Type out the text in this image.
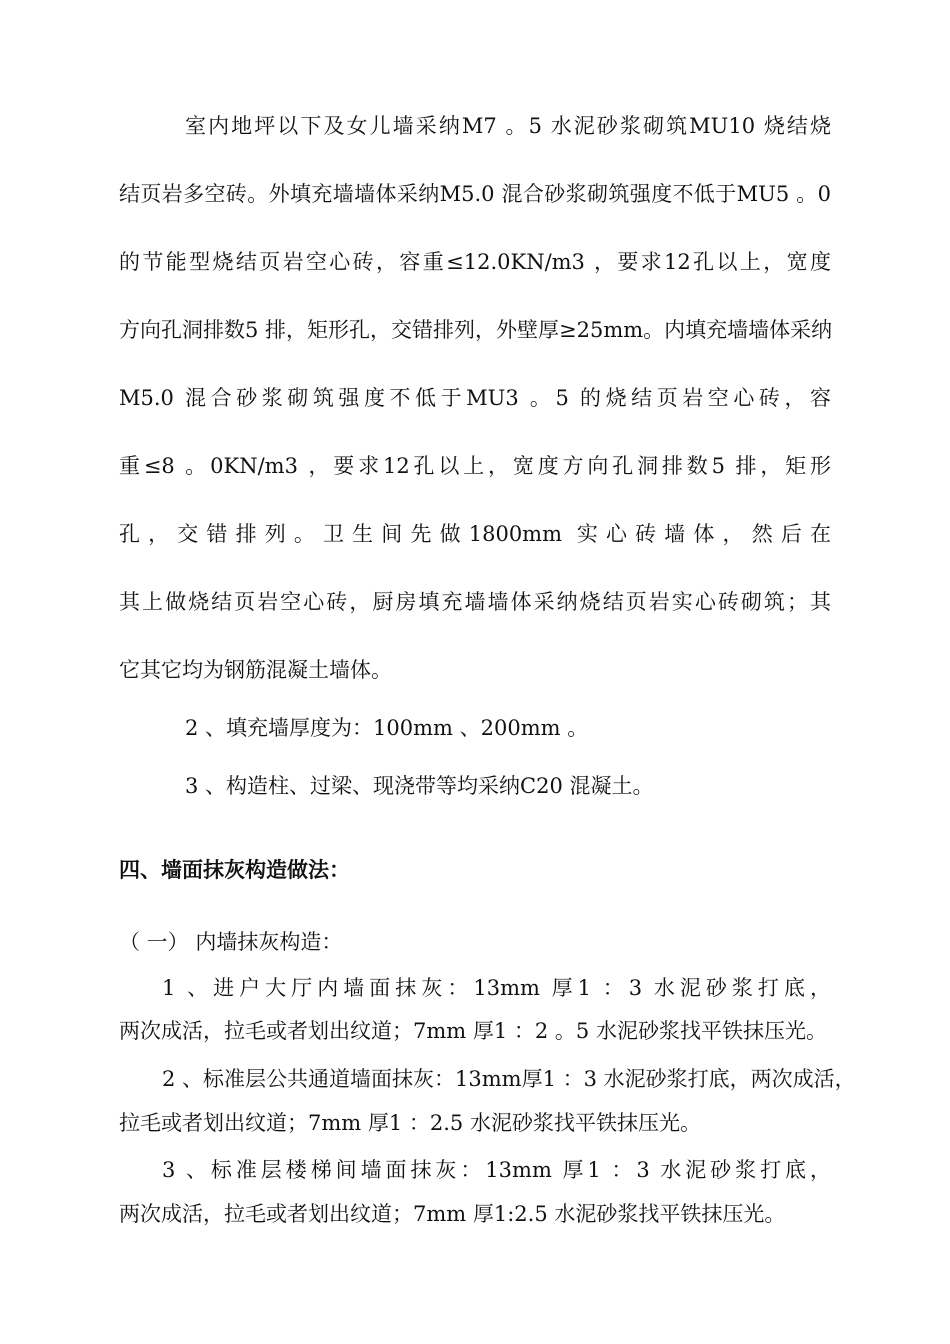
室内地坪以下及女儿墙采纳M7 。5 水泥砂浆砌筑MU10 烧结烧
结页岩多空砖。外填充墙墙体采纳M5.0 混合砂浆砌筑强度不低于MU5 。0
的节能型烧结页岩空心砖，容重≤12.0KN/m3 ，要求12孔以上，宽度
方向孔洞排数5 排，矩形孔，交错排列，外壁厚≥25mm。内填充墙墙体采纳
M5.0 混合砂浆砌筑强度不低于MU3 。5 的烧结页岩空心砖，容
重≤8 。0KN/m3 ，要求12孔以上，宽度方向孔洞排数5 排，矩形
孔，交错排列。卫生间先做1800mm 实心砖墙体，然后在
其上做烧结页岩空心砖，厨房填充墙墙体采纳烧结页岩实心砖砌筑；其
它其它均为钢筋混凝土墙体。
2 、填充墙厚度为：100mm 、200mm 。
3 、构造柱、过梁、现浇带等均采纳C20 混凝土。
四、墙面抹灰构造做法：
（ 一） 内墙抹灰构造：
1 、进户大厅内墙面抹灰：13mm 厚1 ：3 水泥砂浆打底，
两次成活，拉毛或者划出纹道；7mm 厚1 ：2 。5 水泥砂浆找平铁抹压光。
2 、标准层公共通道墙面抹灰：13mm厚1 ：3 水泥砂浆打底，两次成活，
拉毛或者划出纹道；7mm 厚1 ：2.5 水泥砂浆找平铁抹压光。
3 、标准层楼梯间墙面抹灰：13mm 厚1 ：3 水泥砂浆打底，
两次成活，拉毛或者划出纹道；7mm 厚1:2.5 水泥砂浆找平铁抹压光。
